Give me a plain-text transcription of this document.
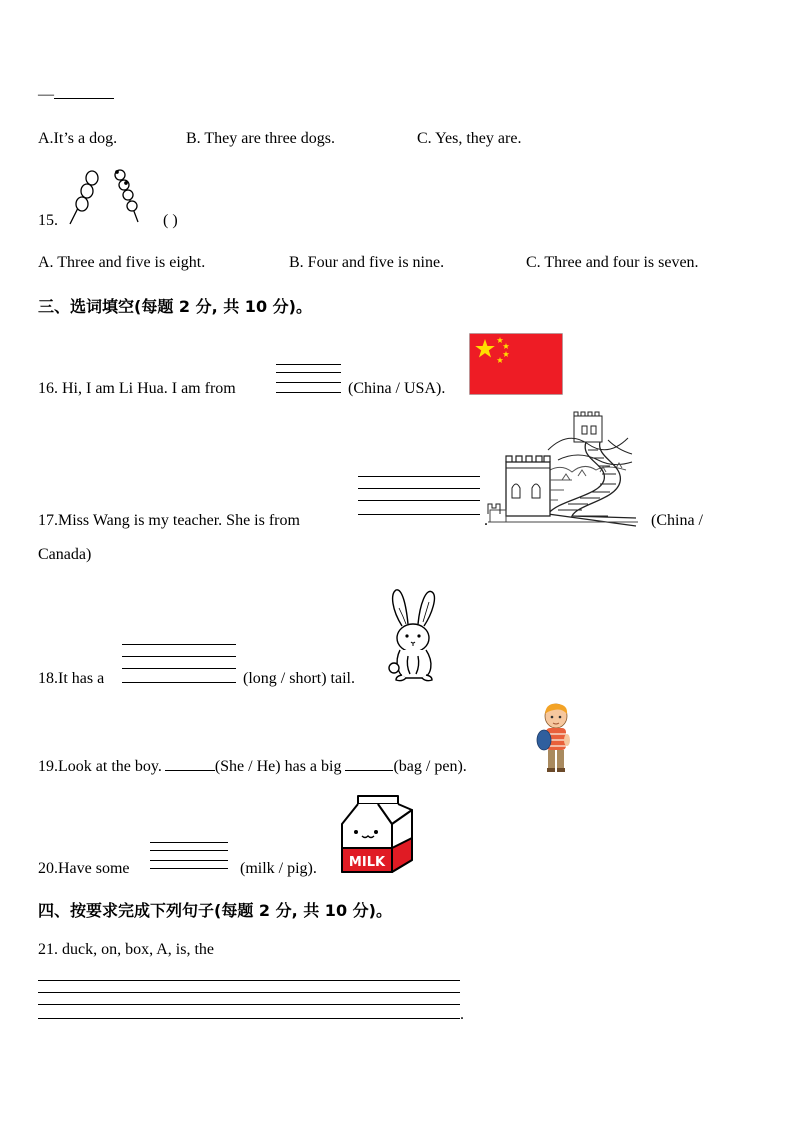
—
A.It’s a dog.	B. They are three dogs.	C. Yes, they are.
15.	( )
A. Three and five is eight.	B. Four and five is nine.	C. Three and four is seven.
三、选词填空(每题 2 分, 共 10 分)。
16. Hi, I am Li Hua. I am from	(China / USA).
17.Miss Wang is my teacher. She is from	.	(China /
Canada)
18.It has a	(long / short) tail.
19.Look at the boy.	(She / He) has a big	(bag / pen).
20.Have some	(milk / pig). MILK
四、按要求完成下列句子(每题 2 分, 共 10 分)。
21. duck, on, box, A, is, the
.
